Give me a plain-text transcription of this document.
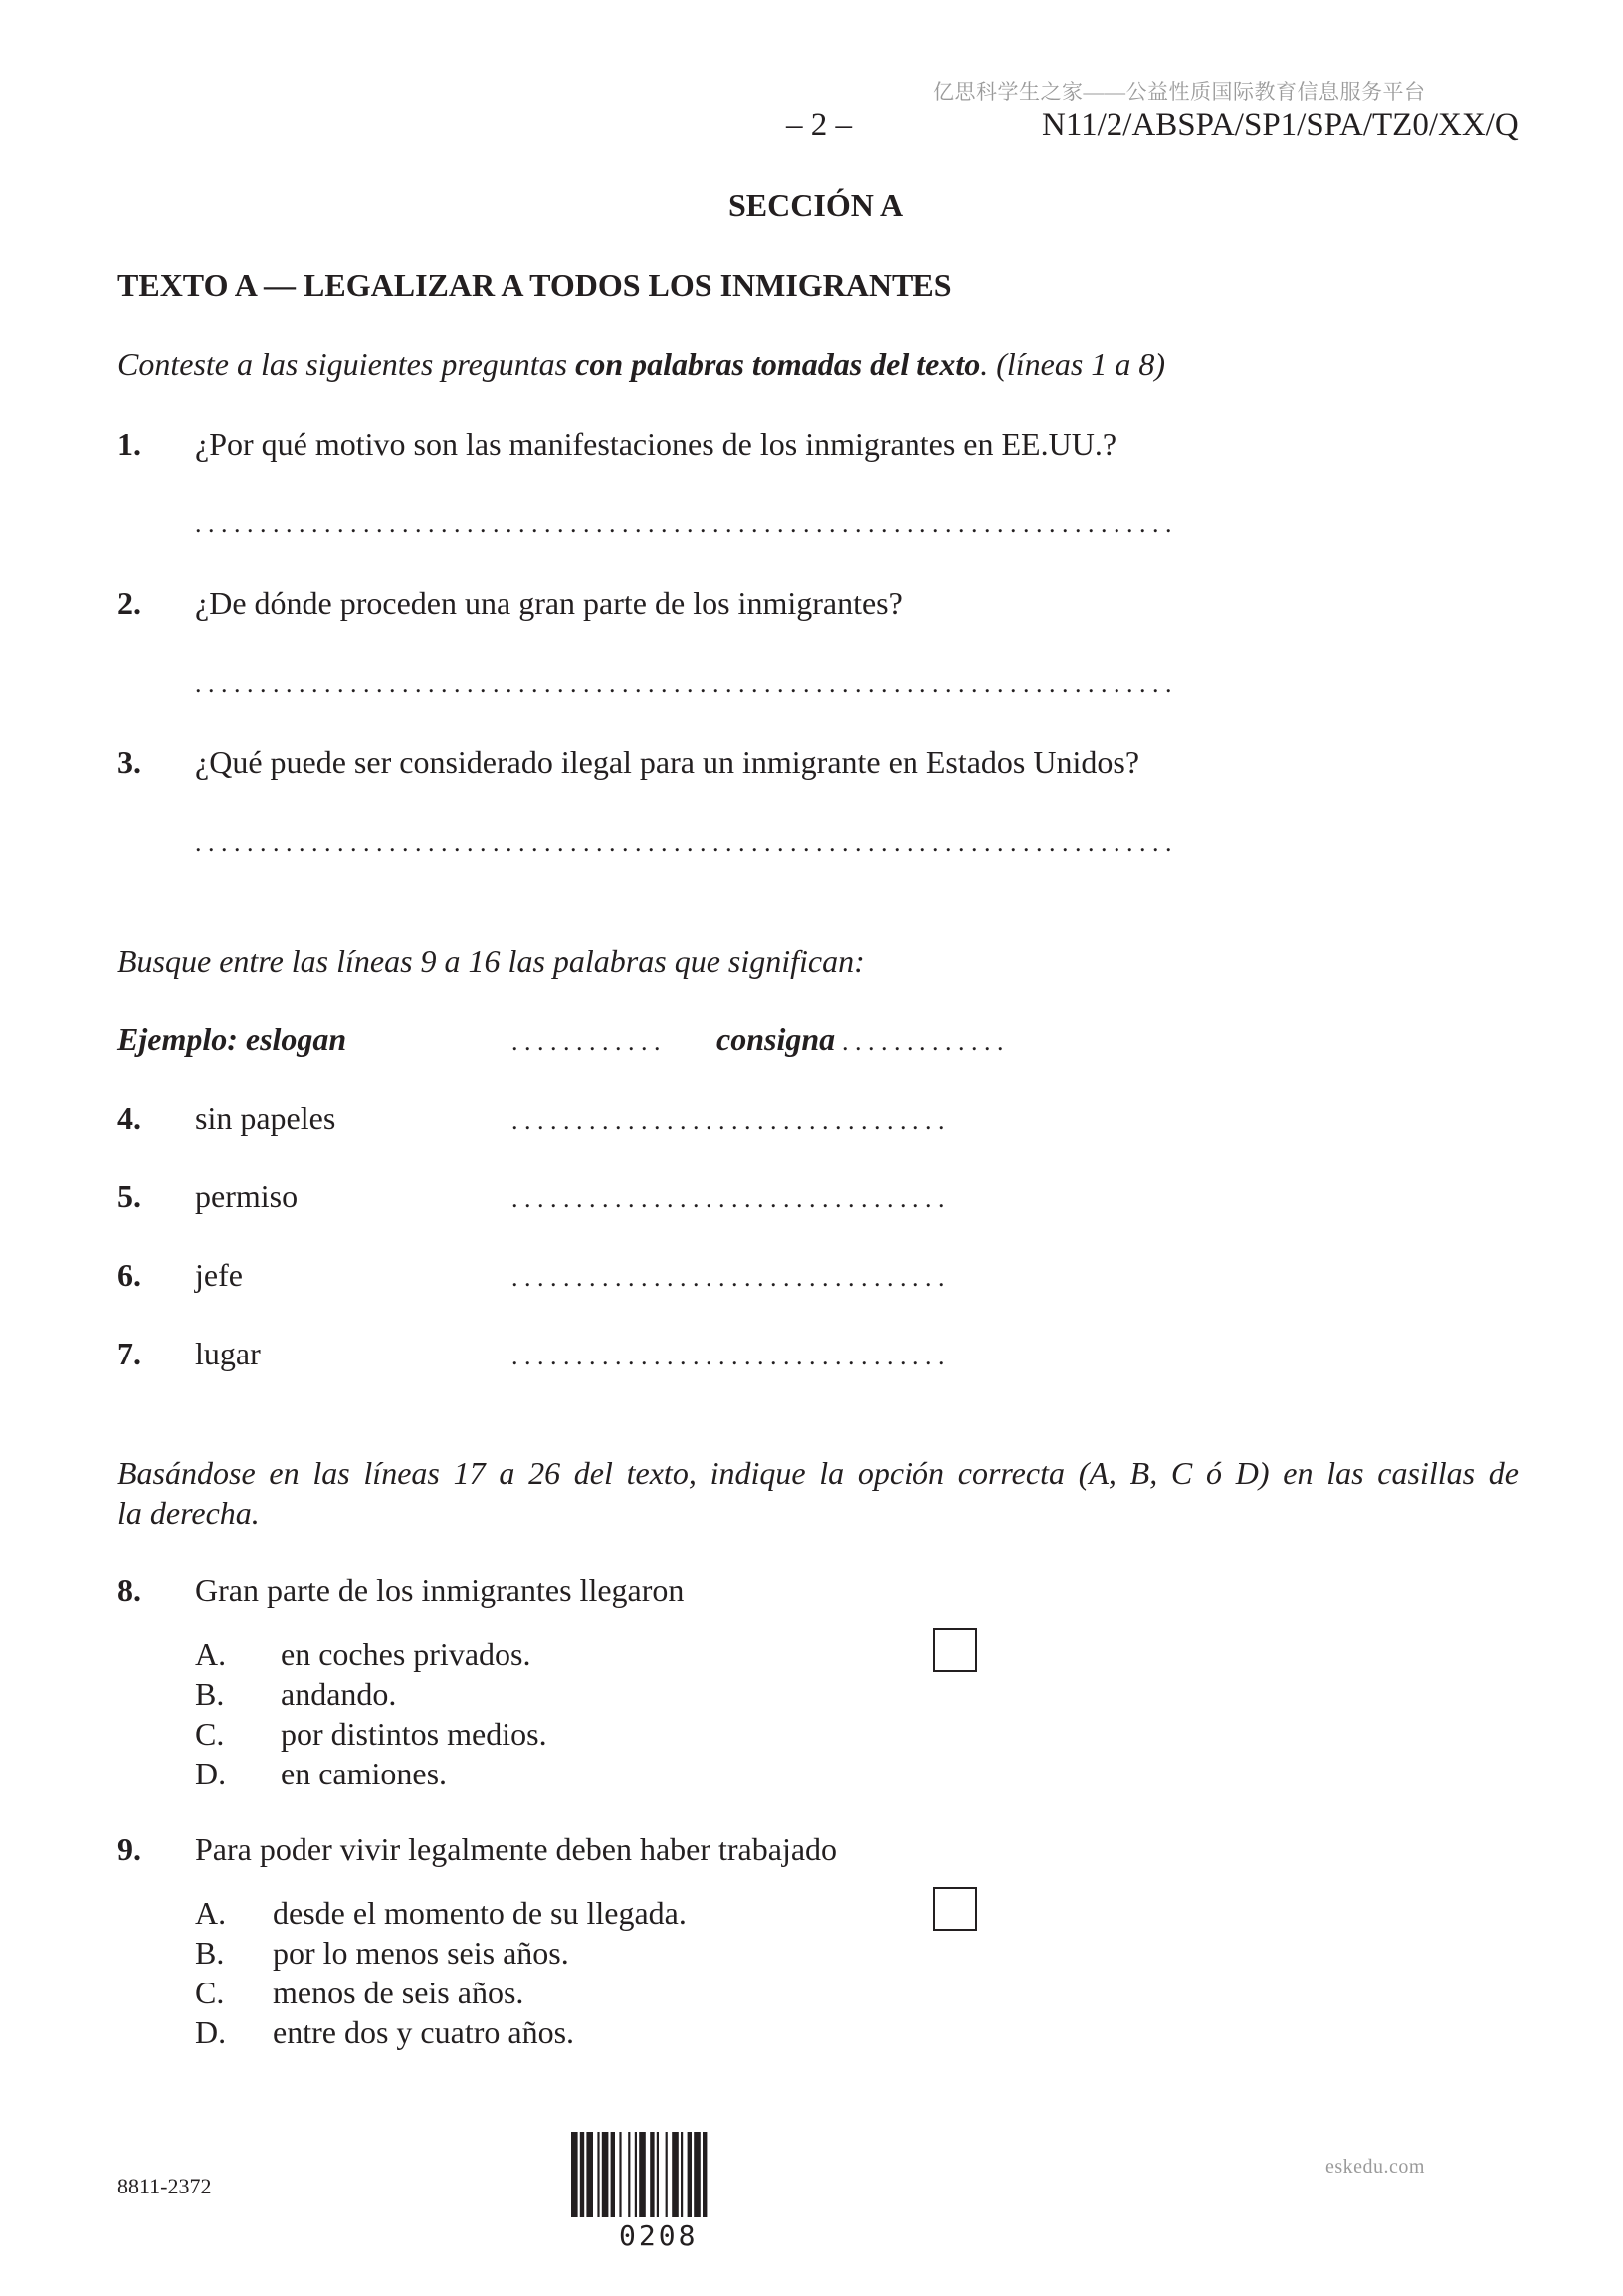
亿思科学生之家——公益性质国际教育信息服务平台
– 2 –	N11/2/ABSPA/SP1/SPA/TZ0/XX/Q
SECCIÓN A
TEXTO A — LEGALIZAR A TODOS LOS INMIGRANTES
Conteste a las siguientes preguntas con palabras tomadas del texto. (líneas 1 a 8)
1. ¿Por qué motivo son las manifestaciones de los inmigrantes en EE.UU.?
. . . . . . . . . . . . . . . . . . . . . . . . . . . . . . . . . . . . . . . . . . . . . . . . . . . . . . . . . . . . . . . . . . . . . . . . . . . .
2. ¿De dónde proceden una gran parte de los inmigrantes?
. . . . . . . . . . . . . . . . . . . . . . . . . . . . . . . . . . . . . . . . . . . . . . . . . . . . . . . . . . . . . . . . . . . . . . . . . . . .
3. ¿Qué puede ser considerado ilegal para un inmigrante en Estados Unidos?
. . . . . . . . . . . . . . . . . . . . . . . . . . . . . . . . . . . . . . . . . . . . . . . . . . . . . . . . . . . . . . . . . . . . . . . . . . . .
Busque entre las líneas 9 a 16 las palabras que significan:
Ejemplo: eslogan	. . . . . . . . . . . . consigna . . . . . . . . . . . . .
4. sin papeles	. . . . . . . . . . . . . . . . . . . . . . . . . . . . . . . . . .
5. permiso	. . . . . . . . . . . . . . . . . . . . . . . . . . . . . . . . . .
6. jefe	. . . . . . . . . . . . . . . . . . . . . . . . . . . . . . . . . .
7. lugar	. . . . . . . . . . . . . . . . . . . . . . . . . . . . . . . . . .
Basándose en las líneas 17 a 26 del texto, indique la opción correcta (A, B, C ó D) en las casillas de
la derecha.
8. Gran parte de los inmigrantes llegaron
A. en coches privados.
B. andando.
C. por distintos medios.
D. en camiones.
9. Para poder vivir legalmente deben haber trabajado
A. desde el momento de su llegada.
B. por lo menos seis años.
C. menos de seis años.
D. entre dos y cuatro años.
8811-2372
0208
eskedu.com
